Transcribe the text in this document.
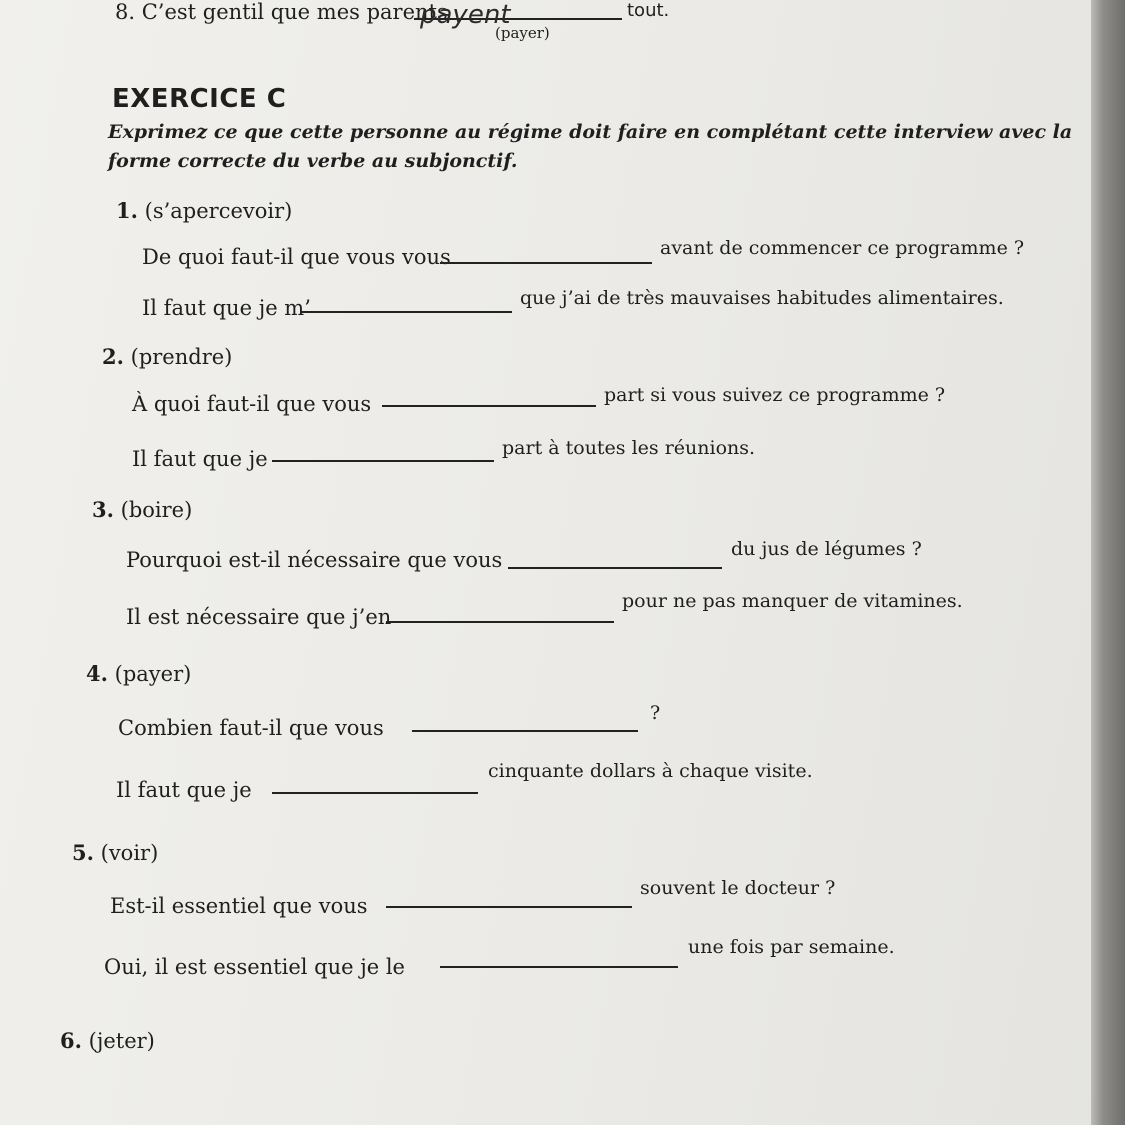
8. C’est gentil que mes parents
payent	tout.
(payer)
EXERCICE C
Exprimez ce que cette personne au régime doit faire en complétant cette interview avec la forme correcte du verbe au subjonctif.
1. (s’apercevoir)
De quoi faut-il que vous vous	avant de commencer ce programme ?
Il faut que je m’	que j’ai de très mauvaises habitudes alimentaires.
2. (prendre)
À quoi faut-il que vous	part si vous suivez ce programme ?
Il faut que je	part à toutes les réunions.
3. (boire)
Pourquoi est-il nécessaire que vous	du jus de légumes ?
Il est nécessaire que j’en
pour ne pas manquer de vitamines.
4. (payer)
Combien faut-il que vous
?
Il faut que je
cinquante dollars à chaque visite.
5. (voir)
Est-il essentiel que vous
souvent le docteur ?
Oui, il est essentiel que je le
une fois par semaine.
6. (jeter)
